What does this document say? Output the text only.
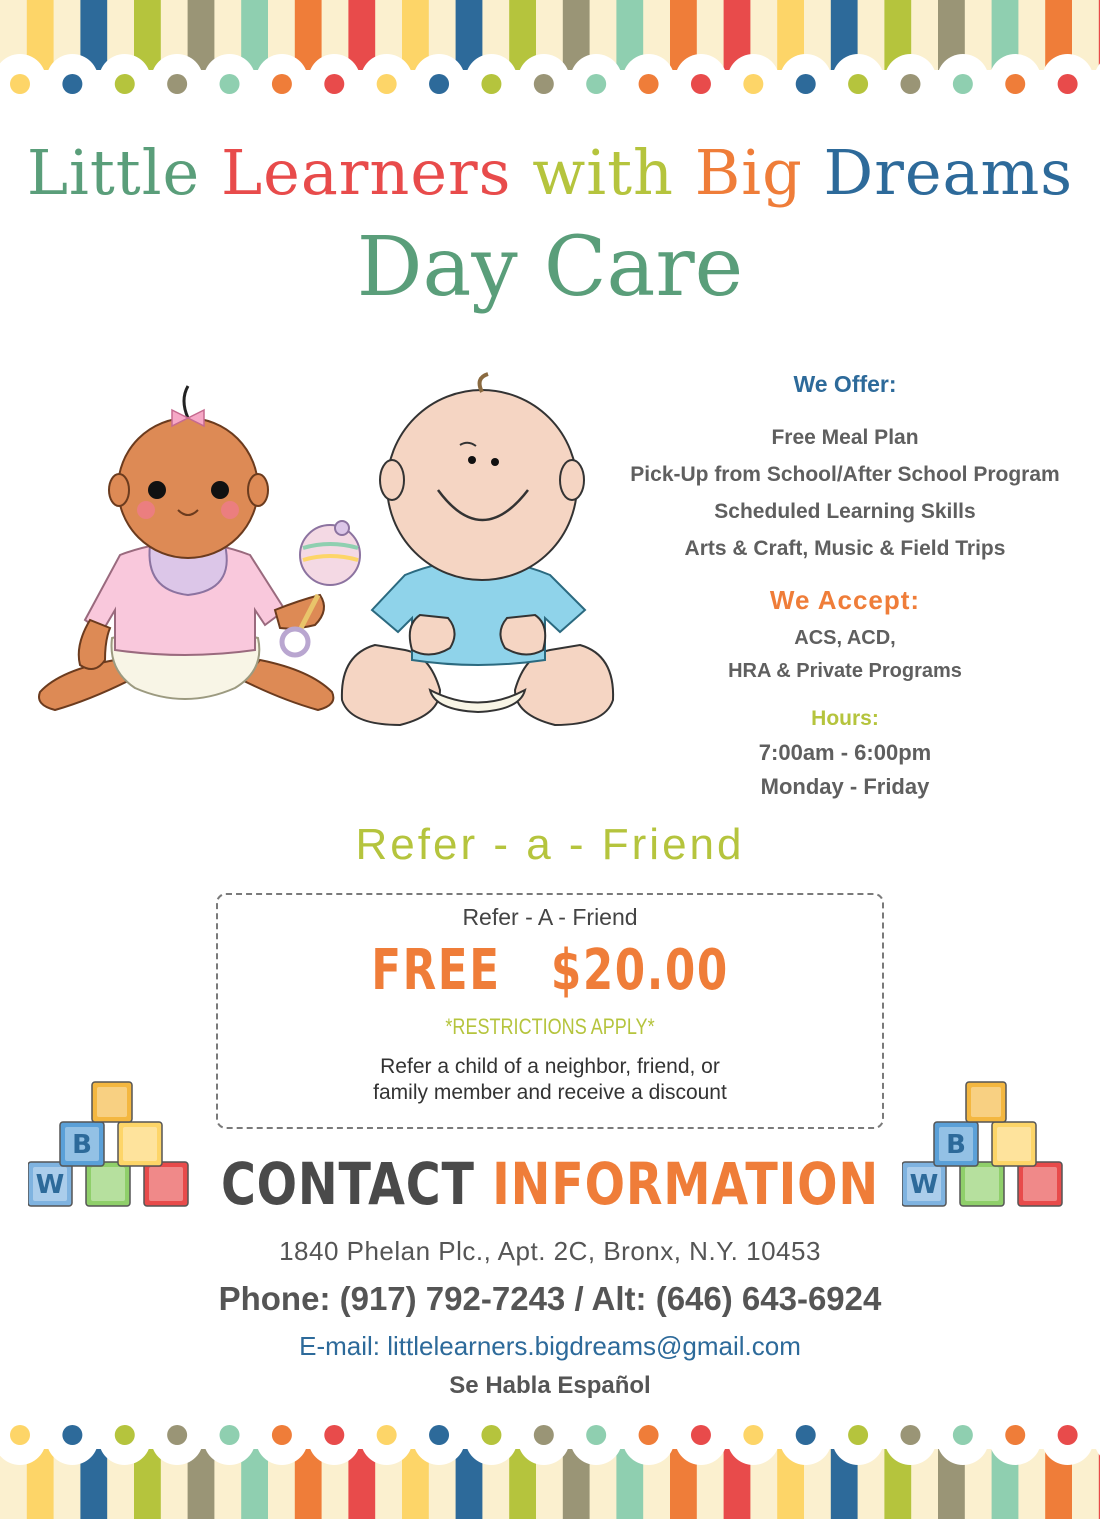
Little Learners with Big Dreams
Day Care
We Offer:
Free Meal Plan
Pick-Up from School/After School Program
Scheduled Learning Skills
Arts & Craft, Music & Field Trips
We Accept:
ACS, ACD,
HRA & Private Programs
Hours:
7:00am - 6:00pm
Monday - Friday
Refer - a - Friend
Refer - A - Friend
FREE   $20.00
*RESTRICTIONS APPLY*
Refer a child of a neighbor, friend, or
family member and receive a discount
W
B
W
B
CONTACT INFORMATION
1840 Phelan Plc., Apt. 2C, Bronx, N.Y. 10453
Phone: (917) 792-7243 / Alt: (646) 643-6924
E-mail: littlelearners.bigdreams@gmail.com
Se Habla Español
